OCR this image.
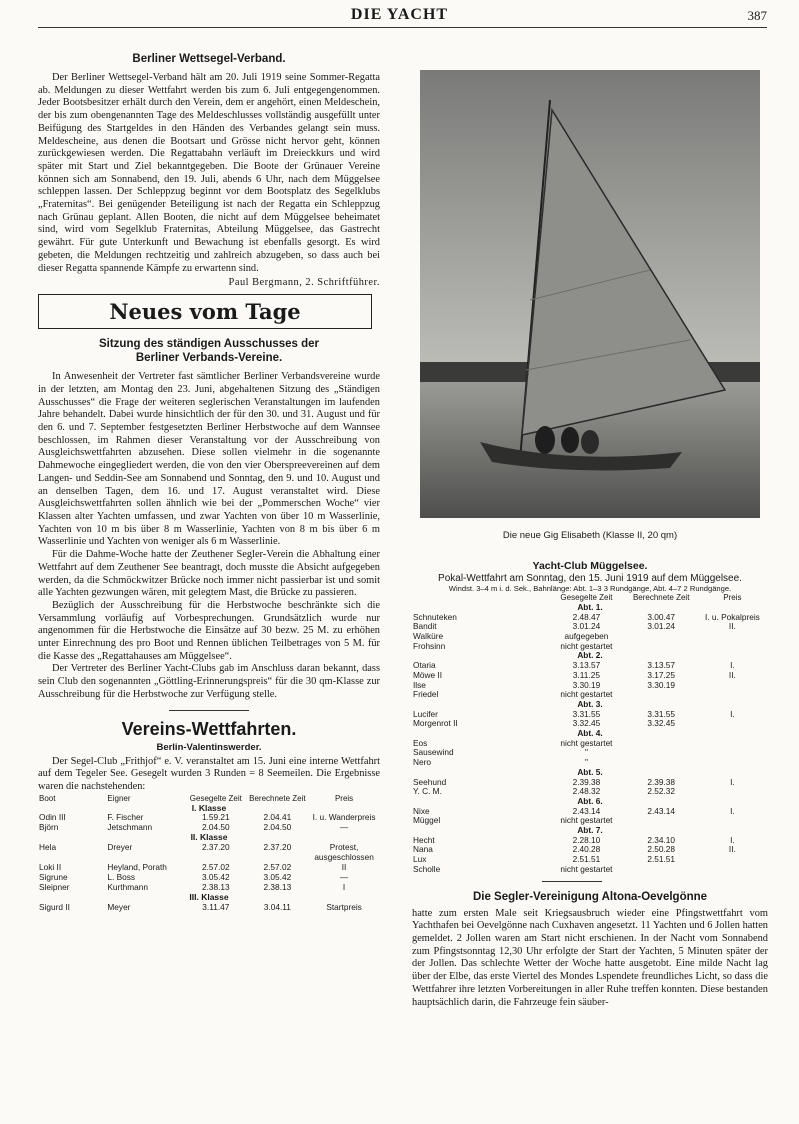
DIE YACHT	387
Berliner Wettsegel-Verband.

Der Berliner Wettsegel-Verband hält am 20. Juli 1919 seine Sommer-Regatta ab. Meldungen zu dieser Wettfahrt werden bis zum 6. Juli entgegengenommen. Jeder Bootsbesitzer erhält durch den Verein, dem er angehört, einen Meldeschein, der bis zum obengenannten Tage des Meldeschlusses vollständig ausgefüllt unter Beifügung des Startgeldes in den Händen des Verbandes gelangt sein muss. Meldescheine, aus denen die Bootsart und Grösse nicht hervor geht, können zurückgewiesen werden. Die Regattabahn verläuft im Dreieckkurs und wird später mit Start und Ziel bekanntgegeben. Die Boote der Grünauer Vereine können sich am Sonnabend, den 19. Juli, abends 6 Uhr, nach dem Müggelsee schleppen lassen. Der Schleppzug beginnt vor dem Bootsplatz des Segelklubs „Fraternitas“. Bei genügender Beteiligung ist nach der Regatta ein Schleppzug nach Grünau geplant. Allen Booten, die nicht auf dem Müggelsee beheimatet sind, wird vom Segelklub Fraternitas, Abteilung Müggelsee, das Gastrecht gewährt. Für gute Unterkunft und Bewachung ist ebenfalls gesorgt. Es wird gebeten, die Meldungen rechtzeitig und zahlreich abzugeben, so dass auch bei dieser Regatta spannende Kämpfe zu erwartenn sind.

Paul Bergmann, 2. Schriftführer.
Neues vom Tage
Sitzung des ständigen Ausschusses der
Berliner Verbands-Vereine.

In Anwesenheit der Vertreter fast sämtlicher Berliner Verbandsvereine wurde in der letzten, am Montag den 23. Juni, abgehaltenen Sitzung des „Ständigen Ausschusses“ die Frage der weiteren seglerischen Veranstaltungen im laufenden Jahre behandelt. Dabei wurde hinsichtlich der für den 30. und 31. August und für den 6. und 7. September festgesetzten Berliner Herbstwoche auf dem Wannsee beschlossen, im Rahmen dieser Veranstaltung vor der Ausschreibung von Ausgleichswettfahrten abzusehen. Diese sollen vielmehr in die sogenannte Dahmewoche eingegliedert werden, die von den vier Oberspreevereinen auf dem Langen- und Seddin-See am Sonnabend und Sonntag, den 9. und 10. August und an denselben Tagen, dem 16. und 17. August veranstaltet wird. Diese Ausgleichswettfahrten sollen ähnlich wie bei der „Pommerschen Woche“ vier Klassen alter Yachten umfassen, und zwar Yachten von über 10 m Wasserlinie, Yachten von 10 m bis über 8 m Wasserlinie, Yachten von 8 m bis über 6 m Wasserlinie und Yachten von weniger als 6 m Wasserlinie.

Für die Dahme-Woche hatte der Zeuthener Segler-Verein die Abhaltung einer Wettfahrt auf dem Zeuthener See beantragt, doch musste die Absicht aufgegeben werden, da die Schmöckwitzer Brücke noch immer nicht passierbar ist und somit alle Yachten gezwungen wären, mit gelegtem Mast, die Brücke zu passieren.

Bezüglich der Ausschreibung für die Herbstwoche beschränkte sich die Versammlung vorläufig auf Vorbesprechungen. Grundsätzlich wurde nur angenommen für die Herbstwoche die Einsätze auf 30 bezw. 25 M. zu erhöhen unter Einrechnung des pro Boot und Rennen üblichen Teilbetrages von 5 M. für die Kasse des „Regattahauses am Müggelsee“.

Der Vertreter des Berliner Yacht-Clubs gab im Anschluss daran bekannt, dass sein Club den sogenannten „Göttling-Erinnerungspreis“ für die 30 qm-Klasse zur Ausschreibung für die Herbstwoche zur Verfügung stelle.

Vereins-Wettfahrten.
Berlin-Valentinswerder.

Der Segel-Club „Frithjof“ e. V. veranstaltet am 15. Juni eine interne Wettfahrt auf dem Tegeler See. Gesegelt wurden 3 Runden = 8 Seemeilen. Die Ergebnisse waren die nachstehenden:

Boot	Eigner	Gesegelte Zeit	Berechnete Zeit	Preis
I. Klasse				
Odin III	F. Fischer	1.59.21	2.04.41	I. u. Wanderpreis
Björn	Jetschmann	2.04.50	2.04.50	—
II. Klasse				
Hela	Dreyer	2.37.20	2.37.20	Protest, ausgeschlossen
Loki II	Heyland, Porath	2.57.02	2.57.02	II
Sigrune	L. Boss	3.05.42	3.05.42	—
Sleipner	Kurthmann	2.38.13	2.38.13	I
III. Klasse				
Sigurd II	Meyer	3.11.47	3.04.11	Startpreis
Die neue Gig Elisabeth (Klasse II, 20 qm)
Yacht-Club Müggelsee.
Pokal-Wettfahrt am Sonntag, den 15. Juni 1919 auf dem Müggelsee.
Windst. 3–4 m i. d. Sek., Bahnlänge: Abt. 1–3 3 Rundgänge, Abt. 4–7 2 Rundgänge.
	Gesegelte Zeit	Berechnete Zeit	Preis
Abt. 1.			
Schnuteken	2.48.47	3.00.47	I. u. Pokalpreis
Bandit	3.01.24	3.01.24	II.
Walküre	aufgegeben		
Frohsinn	nicht gestartet		
Abt. 2.			
Otaria	3.13.57	3.13.57	I.
Möwe II	3.11.25	3.17.25	II.
Ilse	3.30.19	3.30.19	
Friedel	nicht gestartet		
Abt. 3.			
Lucifer	3.31.55	3.31.55	I.
Morgenrot II	3.32.45	3.32.45	
Abt. 4.			
Eos	nicht gestartet		
Sausewind	"		
Nero	"		
Abt. 5.			
Seehund	2.39.38	2.39.38	I.
Y. C. M.	2.48.32	2.52.32	
Abt. 6.			
Nixe	2.43.14	2.43.14	I.
Müggel	nicht gestartet		
Abt. 7.			
Hecht	2.28.10	2.34.10	I.
Nana	2.40.28	2.50.28	II.
Lux	2.51.51	2.51.51	
Scholle	nicht gestartet		
Die Segler-Vereinigung Altona-Oevelgönne

hatte zum ersten Male seit Kriegsausbruch wieder eine Pfingstwettfahrt vom Yachthafen bei Oevelgönne nach Cuxhaven angesetzt. 11 Yachten und 6 Jollen hatten gemeldet. 2 Jollen waren am Start nicht erschienen. In der Nacht vom Sonnabend zum Pfingstsonntag 12,30 Uhr erfolgte der Start der Yachten, 5 Minuten später der der Jollen. Das schlechte Wetter der Woche hatte ausgetobt. Eine milde Nacht lag über der Elbe, das erste Viertel des Mondes Lspendete freundliches Licht, so dass die Wettfahrer ihre letzten Vorbereitungen in aller Ruhe treffen konnten. Diese bestanden hauptsächlich darin, die Fahrzeuge fein säuber-
